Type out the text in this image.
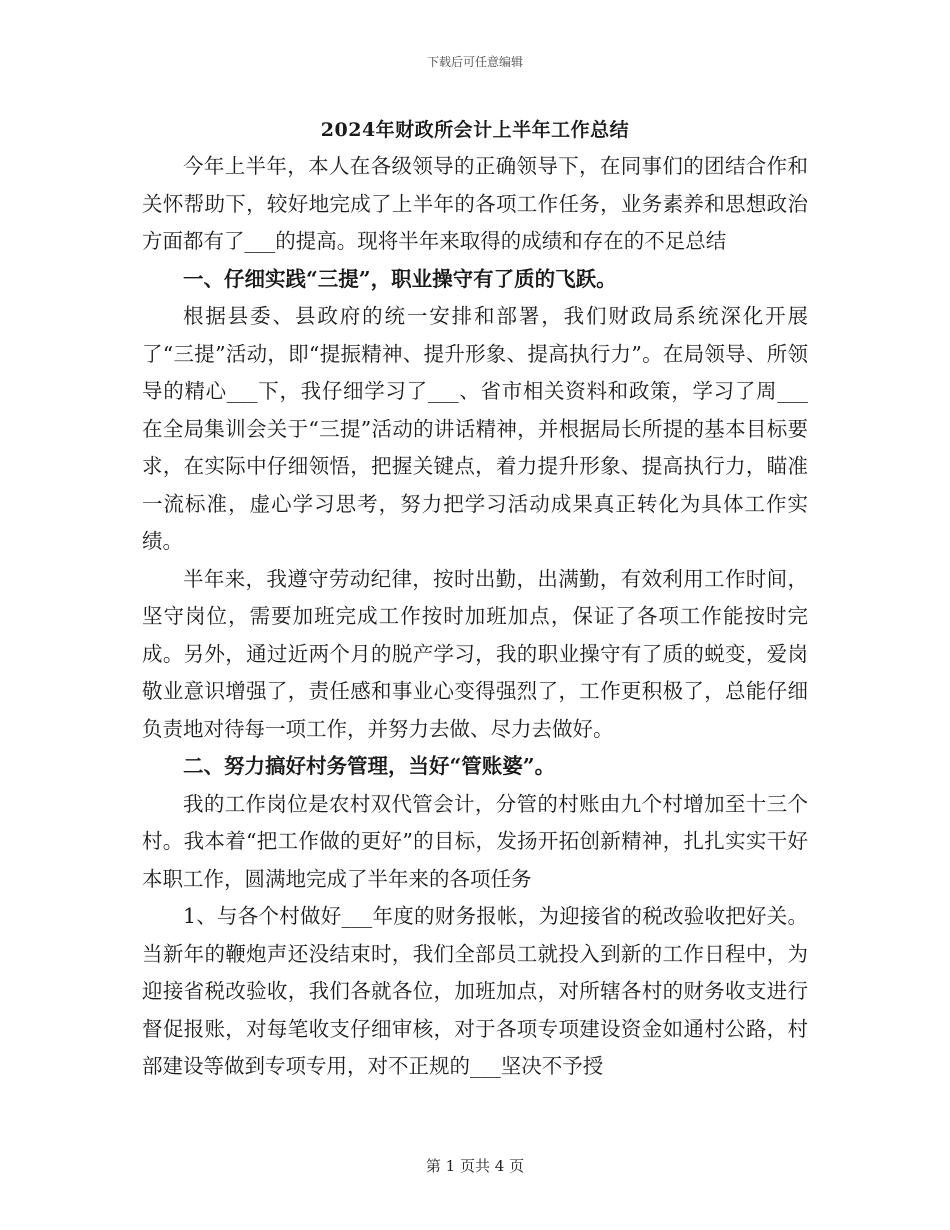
下载后可任意编辑
2024年财政所会计上半年工作总结

今年上半年，本人在各级领导的正确领导下，在同事们的团结合作和关怀帮助下，较好地完成了上半年的各项工作任务，业务素养和思想政治方面都有了___的提高。现将半年来取得的成绩和存在的不足总结

一、仔细实践“三提”，职业操守有了质的飞跃。

根据县委、县政府的统一安排和部署，我们财政局系统深化开展了“三提”活动，即“提振精神、提升形象、提高执行力”。在局领导、所领导的精心___下，我仔细学习了___、省市相关资料和政策，学习了周___在全局集训会关于“三提”活动的讲话精神，并根据局长所提的基本目标要求，在实际中仔细领悟，把握关键点，着力提升形象、提高执行力，瞄准一流标准，虚心学习思考，努力把学习活动成果真正转化为具体工作实绩。

半年来，我遵守劳动纪律，按时出勤，出满勤，有效利用工作时间，坚守岗位，需要加班完成工作按时加班加点，保证了各项工作能按时完成。另外，通过近两个月的脱产学习，我的职业操守有了质的蜕变，爱岗敬业意识增强了，责任感和事业心变得强烈了，工作更积极了，总能仔细负责地对待每一项工作，并努力去做、尽力去做好。

二、努力搞好村务管理，当好“管账婆”。

我的工作岗位是农村双代管会计，分管的村账由九个村增加至十三个村。我本着“把工作做的更好”的目标，发扬开拓创新精神，扎扎实实干好本职工作，圆满地完成了半年来的各项任务

1、与各个村做好___年度的财务报帐，为迎接省的税改验收把好关。当新年的鞭炮声还没结束时，我们全部员工就投入到新的工作日程中，为迎接省税改验收，我们各就各位，加班加点，对所辖各村的财务收支进行督促报账，对每笔收支仔细审核，对于各项专项建设资金如通村公路，村部建设等做到专项专用，对不正规的___坚决不予授

第 1 页共 4 页
